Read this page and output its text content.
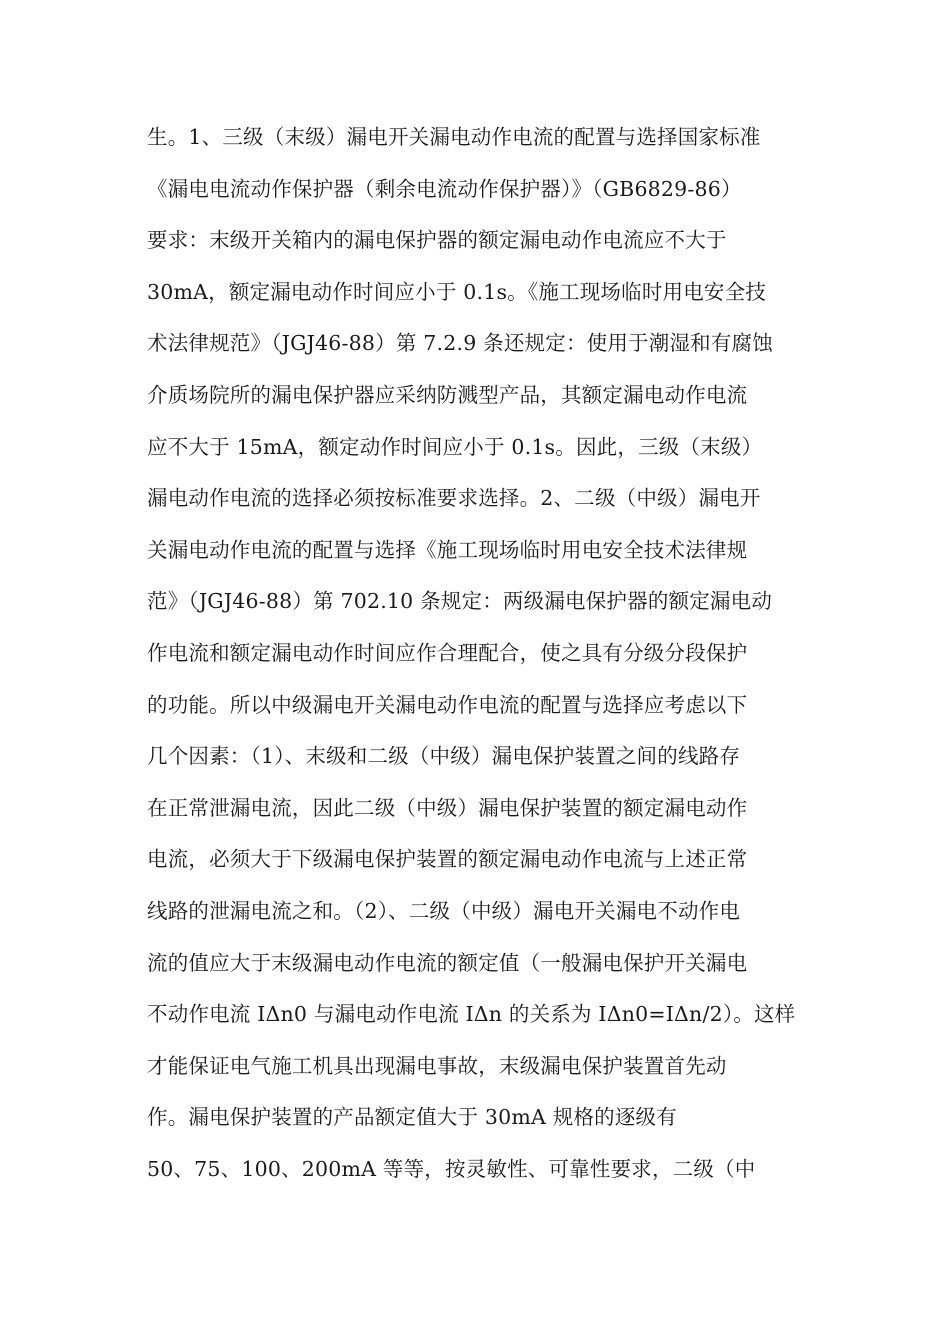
生。1、三级（末级）漏电开关漏电动作电流的配置与选择国家标准
《漏电电流动作保护器（剩余电流动作保护器）》（GB6829-86）
要求：末级开关箱内的漏电保护器的额定漏电动作电流应不大于
30mA，额定漏电动作时间应小于 0.1s。《施工现场临时用电安全技
术法律规范》（JGJ46-88）第 7.2.9 条还规定：使用于潮湿和有腐蚀
介质场院所的漏电保护器应采纳防溅型产品，其额定漏电动作电流
应不大于 15mA，额定动作时间应小于 0.1s。因此，三级（末级）
漏电动作电流的选择必须按标准要求选择。2、二级（中级）漏电开
关漏电动作电流的配置与选择《施工现场临时用电安全技术法律规
范》（JGJ46-88）第 702.10 条规定：两级漏电保护器的额定漏电动
作电流和额定漏电动作时间应作合理配合，使之具有分级分段保护
的功能。所以中级漏电开关漏电动作电流的配置与选择应考虑以下
几个因素：（1）、末级和二级（中级）漏电保护装置之间的线路存
在正常泄漏电流，因此二级（中级）漏电保护装置的额定漏电动作
电流，必须大于下级漏电保护装置的额定漏电动作电流与上述正常
线路的泄漏电流之和。（2）、二级（中级）漏电开关漏电不动作电
流的值应大于末级漏电动作电流的额定值（一般漏电保护开关漏电
不动作电流 IΔn0 与漏电动作电流 IΔn 的关系为 IΔn0=IΔn/2）。这样
才能保证电气施工机具出现漏电事故，末级漏电保护装置首先动
作。漏电保护装置的产品额定值大于 30mA 规格的逐级有
50、75、100、200mA 等等，按灵敏性、可靠性要求，二级（中
